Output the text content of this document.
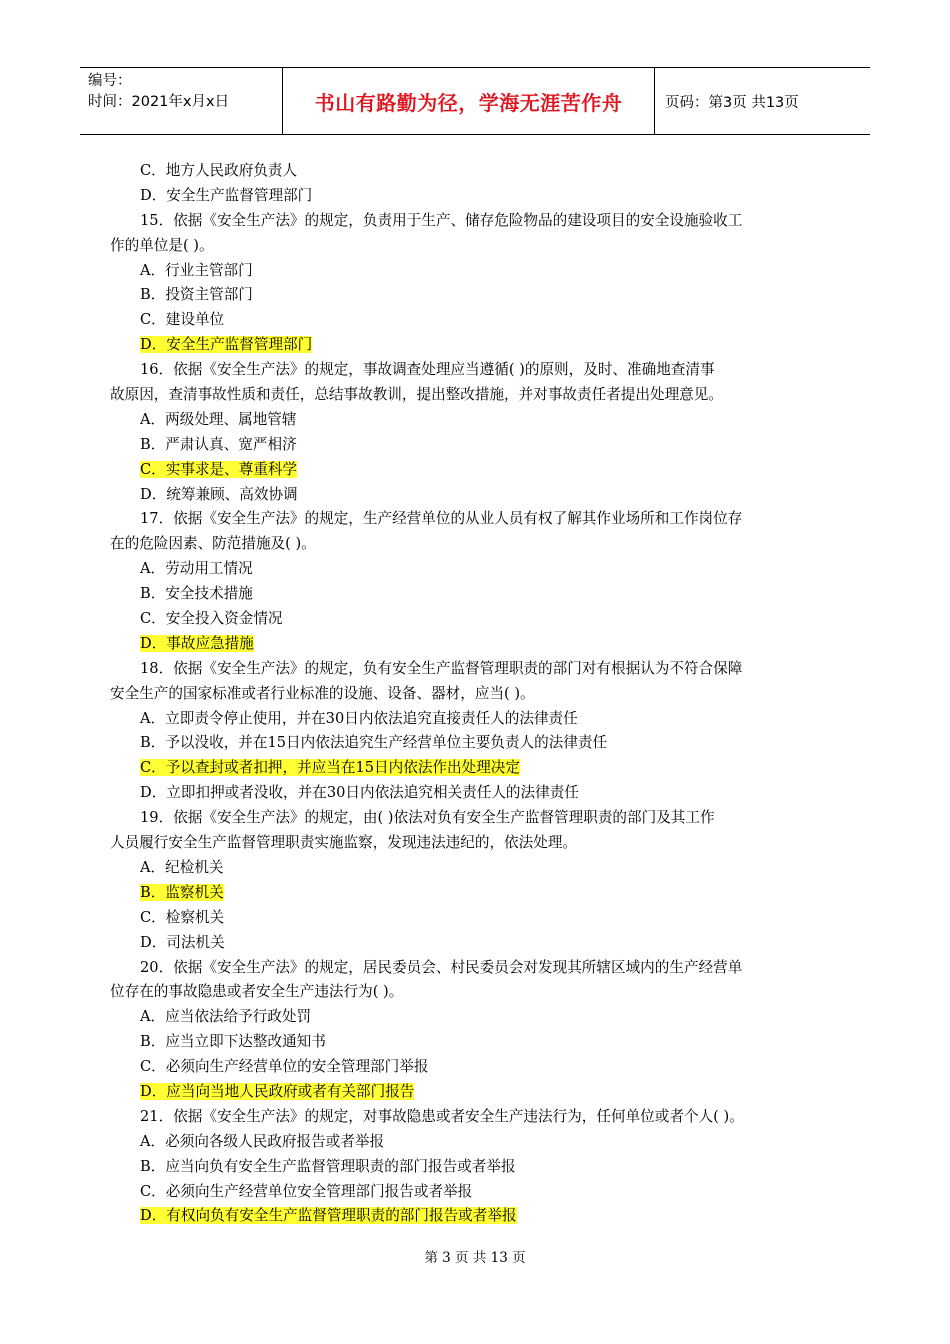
编号：
时间：2021年x月x日	书山有路勤为径，学海无涯苦作舟	页码：第3页 共13页
C．地方人民政府负责人
D．安全生产监督管理部门
15．依据《安全生产法》的规定，负责用于生产、储存危险物品的建设项目的安全设施验收工
作的单位是( )。
A．行业主管部门
B．投资主管部门
C．建设单位
D．安全生产监督管理部门
16．依据《安全生产法》的规定，事故调查处理应当遵循( )的原则，及时、准确地查清事
故原因，查清事故性质和责任，总结事故教训，提出整改措施，并对事故责任者提出处理意见。
A．两级处理、属地管辖
B．严肃认真、宽严相济
C．实事求是、尊重科学
D．统筹兼顾、高效协调
17．依据《安全生产法》的规定，生产经营单位的从业人员有权了解其作业场所和工作岗位存
在的危险因素、防范措施及( )。
A．劳动用工情况
B．安全技术措施
C．安全投入资金情况
D．事故应急措施
18．依据《安全生产法》的规定，负有安全生产监督管理职责的部门对有根据认为不符合保障
安全生产的国家标准或者行业标准的设施、设备、器材，应当( )。
A．立即责令停止使用，并在30日内依法追究直接责任人的法律责任
B．予以没收，并在15日内依法追究生产经营单位主要负责人的法律责任
C．予以查封或者扣押，并应当在15日内依法作出处理决定
D．立即扣押或者没收，并在30日内依法追究相关责任人的法律责任
19．依据《安全生产法》的规定，由( )依法对负有安全生产监督管理职责的部门及其工作
人员履行安全生产监督管理职责实施监察，发现违法违纪的，依法处理。
A．纪检机关
B．监察机关
C．检察机关
D．司法机关
20．依据《安全生产法》的规定，居民委员会、村民委员会对发现其所辖区域内的生产经营单
位存在的事故隐患或者安全生产违法行为( )。
A．应当依法给予行政处罚
B．应当立即下达整改通知书
C．必须向生产经营单位的安全管理部门举报
D．应当向当地人民政府或者有关部门报告
21．依据《安全生产法》的规定，对事故隐患或者安全生产违法行为，任何单位或者个人( )。
A．必须向各级人民政府报告或者举报
B．应当向负有安全生产监督管理职责的部门报告或者举报
C．必须向生产经营单位安全管理部门报告或者举报
D．有权向负有安全生产监督管理职责的部门报告或者举报
第 3 页 共 13 页
